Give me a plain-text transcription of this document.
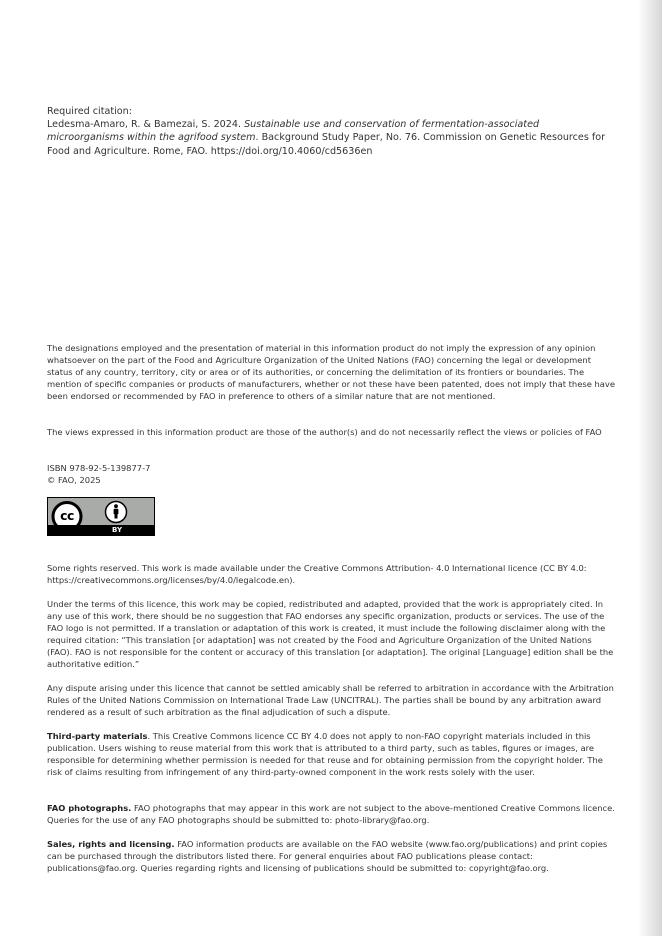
Required citation:

Ledesma-Amaro, R. & Bamezai, S. 2024. Sustainable use and conservation of fermentation-associated microorganisms within the agrifood system. Background Study Paper, No. 76. Commission on Genetic Resources for Food and Agriculture. Rome, FAO. https://doi.org/10.4060/cd5636en

The designations employed and the presentation of material in this information product do not imply the expression of any opinion whatsoever on the part of the Food and Agriculture Organization of the United Nations (FAO) concerning the legal or development status of any country, territory, city or area or of its authorities, or concerning the delimitation of its frontiers or boundaries. The mention of specific companies or products of manufacturers, whether or not these have been patented, does not imply that these have been endorsed or recommended by FAO in preference to others of a similar nature that are not mentioned.

The views expressed in this information product are those of the author(s) and do not necessarily reflect the views or policies of FAO

ISBN 978-92-5-139877-7

© FAO, 2025

cc
BY

Some rights reserved. This work is made available under the Creative Commons Attribution- 4.0 International licence (CC BY 4.0: https://creativecommons.org/licenses/by/4.0/legalcode.en).

Under the terms of this licence, this work may be copied, redistributed and adapted, provided that the work is appropriately cited. In any use of this work, there should be no suggestion that FAO endorses any specific organization, products or services. The use of the FAO logo is not permitted. If a translation or adaptation of this work is created, it must include the following disclaimer along with the required citation: “This translation [or adaptation] was not created by the Food and Agriculture Organization of the United Nations (FAO). FAO is not responsible for the content or accuracy of this translation [or adaptation]. The original [Language] edition shall be the authoritative edition.”

Any dispute arising under this licence that cannot be settled amicably shall be referred to arbitration in accordance with the Arbitration Rules of the United Nations Commission on International Trade Law (UNCITRAL). The parties shall be bound by any arbitration award rendered as a result of such arbitration as the final adjudication of such a dispute.

Third-party materials. This Creative Commons licence CC BY 4.0 does not apply to non-FAO copyright materials included in this publication. Users wishing to reuse material from this work that is attributed to a third party, such as tables, figures or images, are responsible for determining whether permission is needed for that reuse and for obtaining permission from the copyright holder. The risk of claims resulting from infringement of any third-party-owned component in the work rests solely with the user.

FAO photographs. FAO photographs that may appear in this work are not subject to the above-mentioned Creative Commons licence. Queries for the use of any FAO photographs should be submitted to: photo-library@fao.org.

Sales, rights and licensing. FAO information products are available on the FAO website (www.fao.org/publications) and print copies can be purchased through the distributors listed there. For general enquiries about FAO publications please contact: publications@fao.org. Queries regarding rights and licensing of publications should be submitted to: copyright@fao.org.
